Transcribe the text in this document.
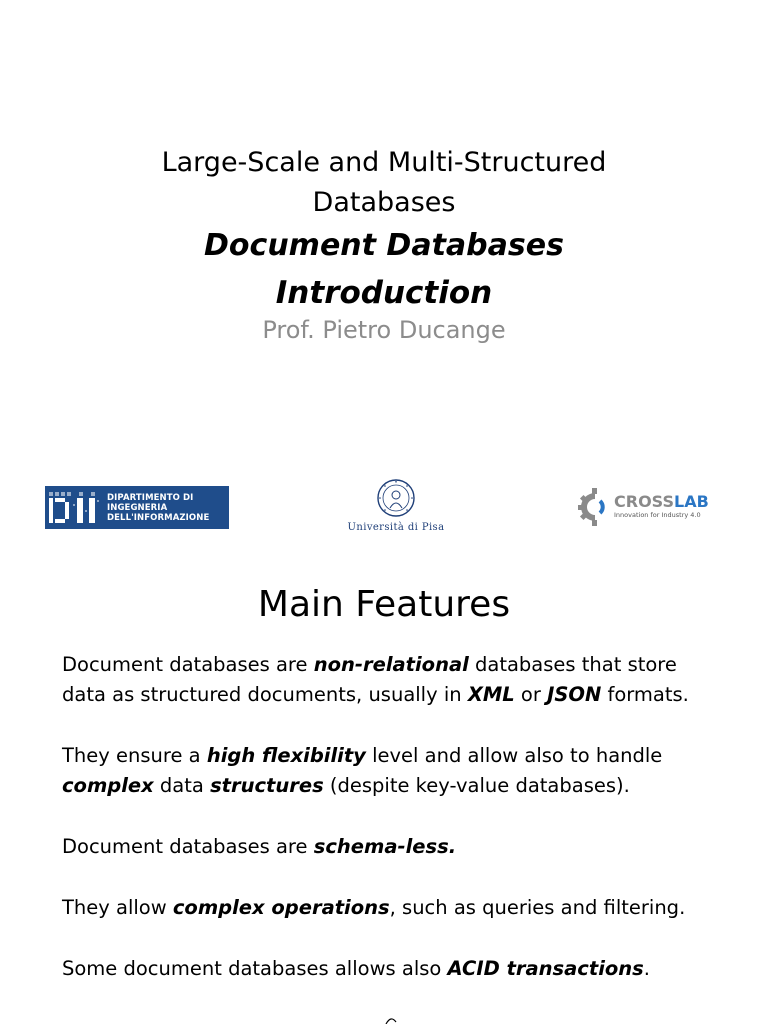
Large-Scale and Multi-Structured
Databases
Document Databases
Introduction

Prof. Pietro Ducange

DIPARTIMENTO DI
INGEGNERIA
DELL'INFORMAZIONE
Università di Pisa
CROSSLAB
Innovation for Industry 4.0
Main Features
Document databases are non-relational databases that store
data as structured documents, usually in XML or JSON formats.
They ensure a high flexibility level and allow also to handle
complex data structures (despite key-value databases).
Document databases are schema-less.
They allow complex operations, such as queries and filtering.
Some document databases allows also ACID transactions.
